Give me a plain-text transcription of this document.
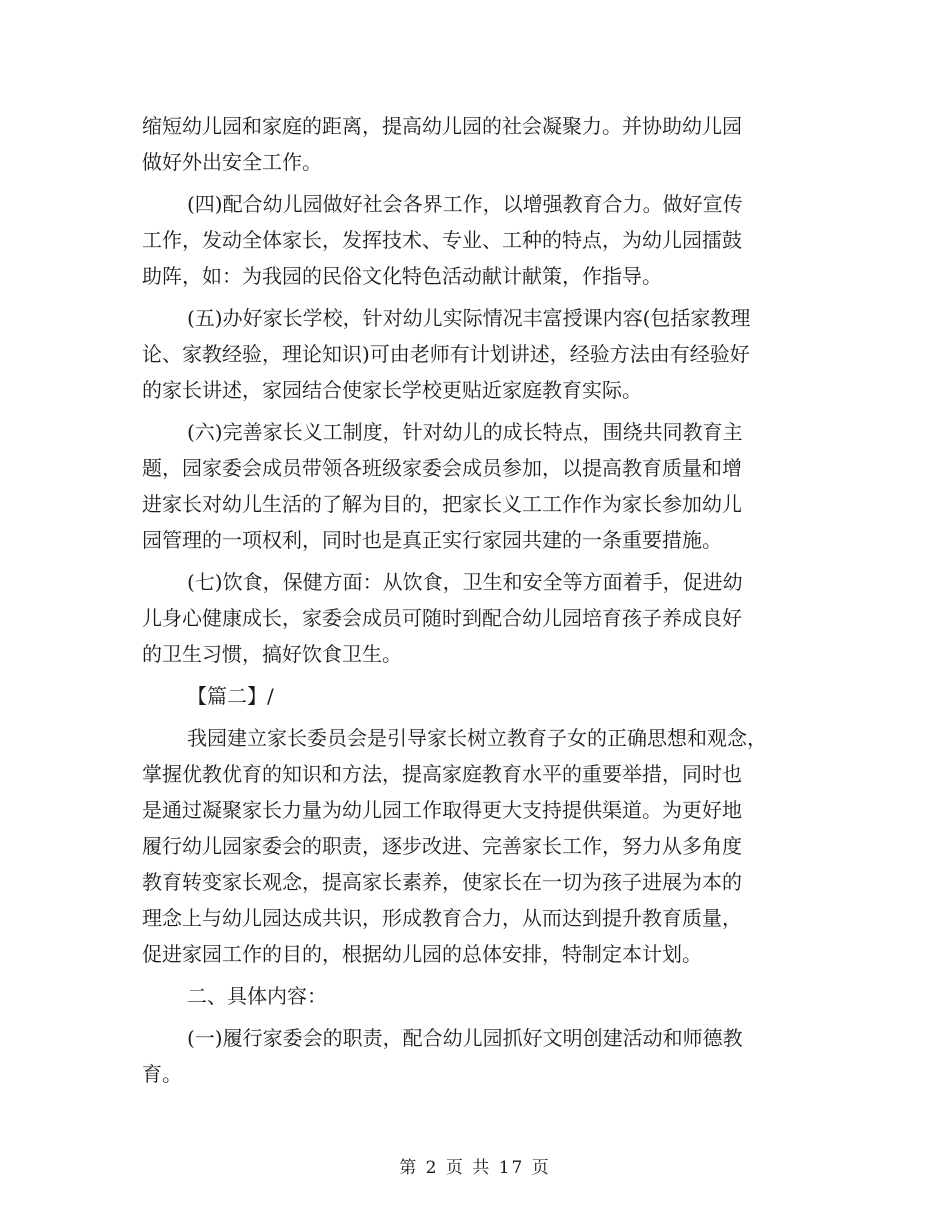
缩短幼儿园和家庭的距离，提高幼儿园的社会凝聚力。并协助幼儿园
做好外出安全工作。

(四)配合幼儿园做好社会各界工作，以增强教育合力。做好宣传
工作，发动全体家长，发挥技术、专业、工种的特点，为幼儿园擂鼓
助阵，如：为我园的民俗文化特色活动献计献策，作指导。

(五)办好家长学校，针对幼儿实际情况丰富授课内容(包括家教理
论、家教经验，理论知识)可由老师有计划讲述，经验方法由有经验好
的家长讲述，家园结合使家长学校更贴近家庭教育实际。

(六)完善家长义工制度，针对幼儿的成长特点，围绕共同教育主
题，园家委会成员带领各班级家委会成员参加，以提高教育质量和增
进家长对幼儿生活的了解为目的，把家长义工工作作为家长参加幼儿
园管理的一项权利，同时也是真正实行家园共建的一条重要措施。

(七)饮食，保健方面：从饮食，卫生和安全等方面着手，促进幼
儿身心健康成长，家委会成员可随时到配合幼儿园培育孩子养成良好
的卫生习惯，搞好饮食卫生。

【篇二】/

我园建立家长委员会是引导家长树立教育子女的正确思想和观念，
掌握优教优育的知识和方法，提高家庭教育水平的重要举措，同时也
是通过凝聚家长力量为幼儿园工作取得更大支持提供渠道。为更好地
履行幼儿园家委会的职责，逐步改进、完善家长工作，努力从多角度
教育转变家长观念，提高家长素养，使家长在一切为孩子进展为本的
理念上与幼儿园达成共识，形成教育合力，从而达到提升教育质量，
促进家园工作的目的，根据幼儿园的总体安排，特制定本计划。

二、具体内容：

(一)履行家委会的职责，配合幼儿园抓好文明创建活动和师德教
育。

第 2 页 共 17 页
